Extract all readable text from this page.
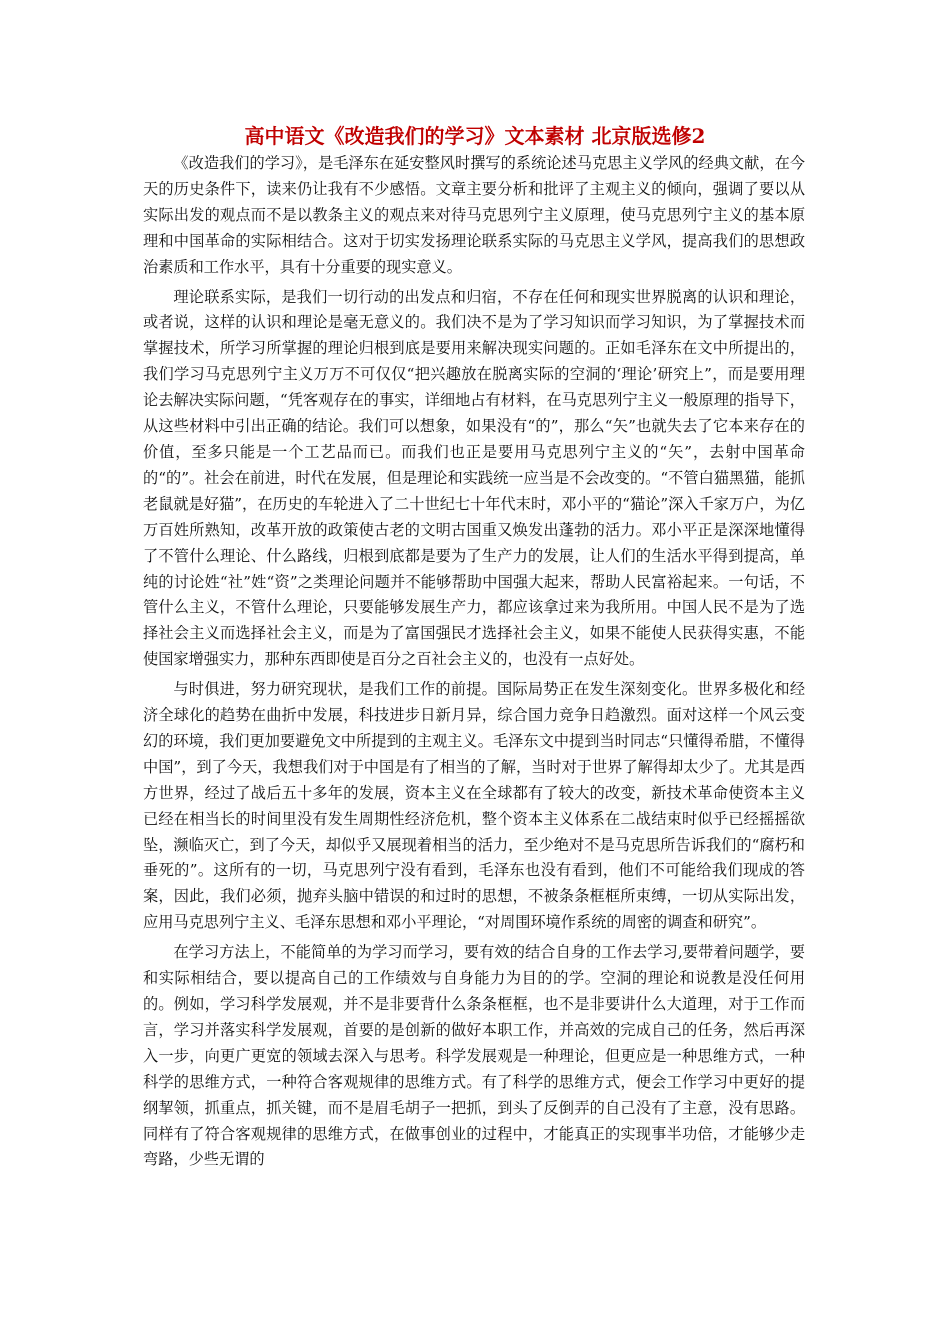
高中语文《改造我们的学习》文本素材 北京版选修2

《改造我们的学习》，是毛泽东在延安整风时撰写的系统论述马克思主义学风的经典文献，在今天的历史条件下，读来仍让我有不少感悟。文章主要分析和批评了主观主义的倾向，强调了要以从实际出发的观点而不是以教条主义的观点来对待马克思列宁主义原理，使马克思列宁主义的基本原理和中国革命的实际相结合。这对于切实发扬理论联系实际的马克思主义学风，提高我们的思想政治素质和工作水平，具有十分重要的现实意义。

理论联系实际，是我们一切行动的出发点和归宿，不存在任何和现实世界脱离的认识和理论，或者说，这样的认识和理论是毫无意义的。我们决不是为了学习知识而学习知识，为了掌握技术而掌握技术，所学习所掌握的理论归根到底是要用来解决现实问题的。正如毛泽东在文中所提出的，我们学习马克思列宁主义万万不可仅仅“把兴趣放在脱离实际的空洞的‘理论’研究上”，而是要用理论去解决实际问题，“凭客观存在的事实，详细地占有材料，在马克思列宁主义一般原理的指导下，从这些材料中引出正确的结论。我们可以想象，如果没有“的”，那么“矢”也就失去了它本来存在的价值，至多只能是一个工艺品而已。而我们也正是要用马克思列宁主义的“矢”，去射中国革命的“的”。社会在前进，时代在发展，但是理论和实践统一应当是不会改变的。“不管白猫黑猫，能抓老鼠就是好猫”，在历史的车轮进入了二十世纪七十年代末时，邓小平的“猫论”深入千家万户，为亿万百姓所熟知，改革开放的政策使古老的文明古国重又焕发出蓬勃的活力。邓小平正是深深地懂得了不管什么理论、什么路线，归根到底都是要为了生产力的发展，让人们的生活水平得到提高，单纯的讨论姓“社”姓“资”之类理论问题并不能够帮助中国强大起来，帮助人民富裕起来。一句话，不管什么主义，不管什么理论，只要能够发展生产力，都应该拿过来为我所用。中国人民不是为了选择社会主义而选择社会主义，而是为了富国强民才选择社会主义，如果不能使人民获得实惠，不能使国家增强实力，那种东西即使是百分之百社会主义的，也没有一点好处。

与时俱进，努力研究现状，是我们工作的前提。国际局势正在发生深刻变化。世界多极化和经济全球化的趋势在曲折中发展，科技进步日新月异，综合国力竞争日趋激烈。面对这样一个风云变幻的环境，我们更加要避免文中所提到的主观主义。毛泽东文中提到当时同志“只懂得希腊，不懂得中国”，到了今天，我想我们对于中国是有了相当的了解，当时对于世界了解得却太少了。尤其是西方世界，经过了战后五十多年的发展，资本主义在全球都有了较大的改变，新技术革命使资本主义已经在相当长的时间里没有发生周期性经济危机，整个资本主义体系在二战结束时似乎已经摇摇欲坠，濒临灭亡，到了今天，却似乎又展现着相当的活力，至少绝对不是马克思所告诉我们的“腐朽和垂死的”。这所有的一切，马克思列宁没有看到，毛泽东也没有看到，他们不可能给我们现成的答案，因此，我们必须，抛弃头脑中错误的和过时的思想，不被条条框框所束缚，一切从实际出发，应用马克思列宁主义、毛泽东思想和邓小平理论，“对周围环境作系统的周密的调查和研究”。

在学习方法上，不能简单的为学习而学习，要有效的结合自身的工作去学习,要带着问题学，要和实际相结合，要以提高自己的工作绩效与自身能力为目的的学。空洞的理论和说教是没任何用的。例如，学习科学发展观，并不是非要背什么条条框框，也不是非要讲什么大道理，对于工作而言，学习并落实科学发展观，首要的是创新的做好本职工作，并高效的完成自己的任务，然后再深入一步，向更广更宽的领域去深入与思考。科学发展观是一种理论，但更应是一种思维方式，一种科学的思维方式，一种符合客观规律的思维方式。有了科学的思维方式，便会工作学习中更好的提纲挈领，抓重点，抓关键，而不是眉毛胡子一把抓，到头了反倒弄的自己没有了主意，没有思路。同样有了符合客观规律的思维方式，在做事创业的过程中，才能真正的实现事半功倍，才能够少走弯路，少些无谓的
